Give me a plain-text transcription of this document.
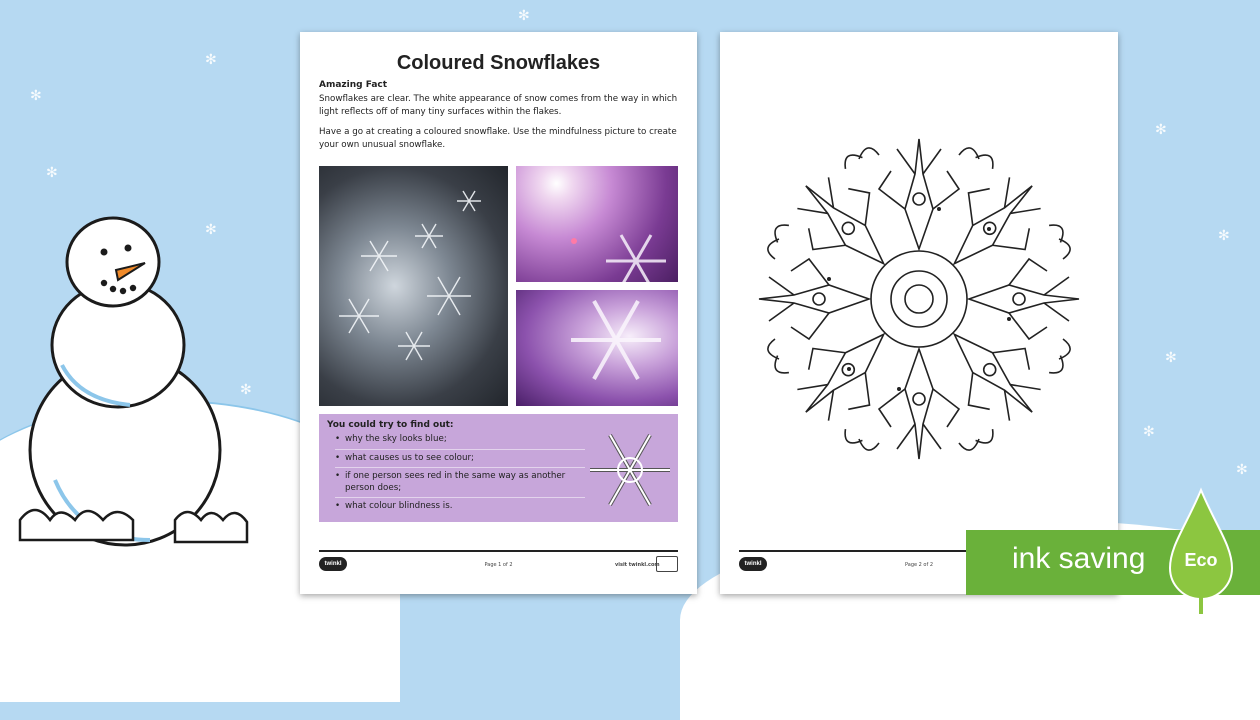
✻
✻
✻
✻
✻
✻
✻
✻
✻
✻
✻
Coloured Snowflakes
Amazing Fact
Snowflakes are clear. The white appearance of snow comes from the way in which light reflects off of many tiny surfaces within the flakes.
Have a go at creating a coloured snowflake. Use the mindfulness picture to create your own unusual snowflake.
You could try to find out:
• why the sky looks blue;
• what causes us to see colour;
• if one person sees red in the same way as another person does;
• what colour blindness is.
twinkl	Page 1 of 2	visit twinkl.com	twinkl	Page 2 of 2	ink saving	Eco
